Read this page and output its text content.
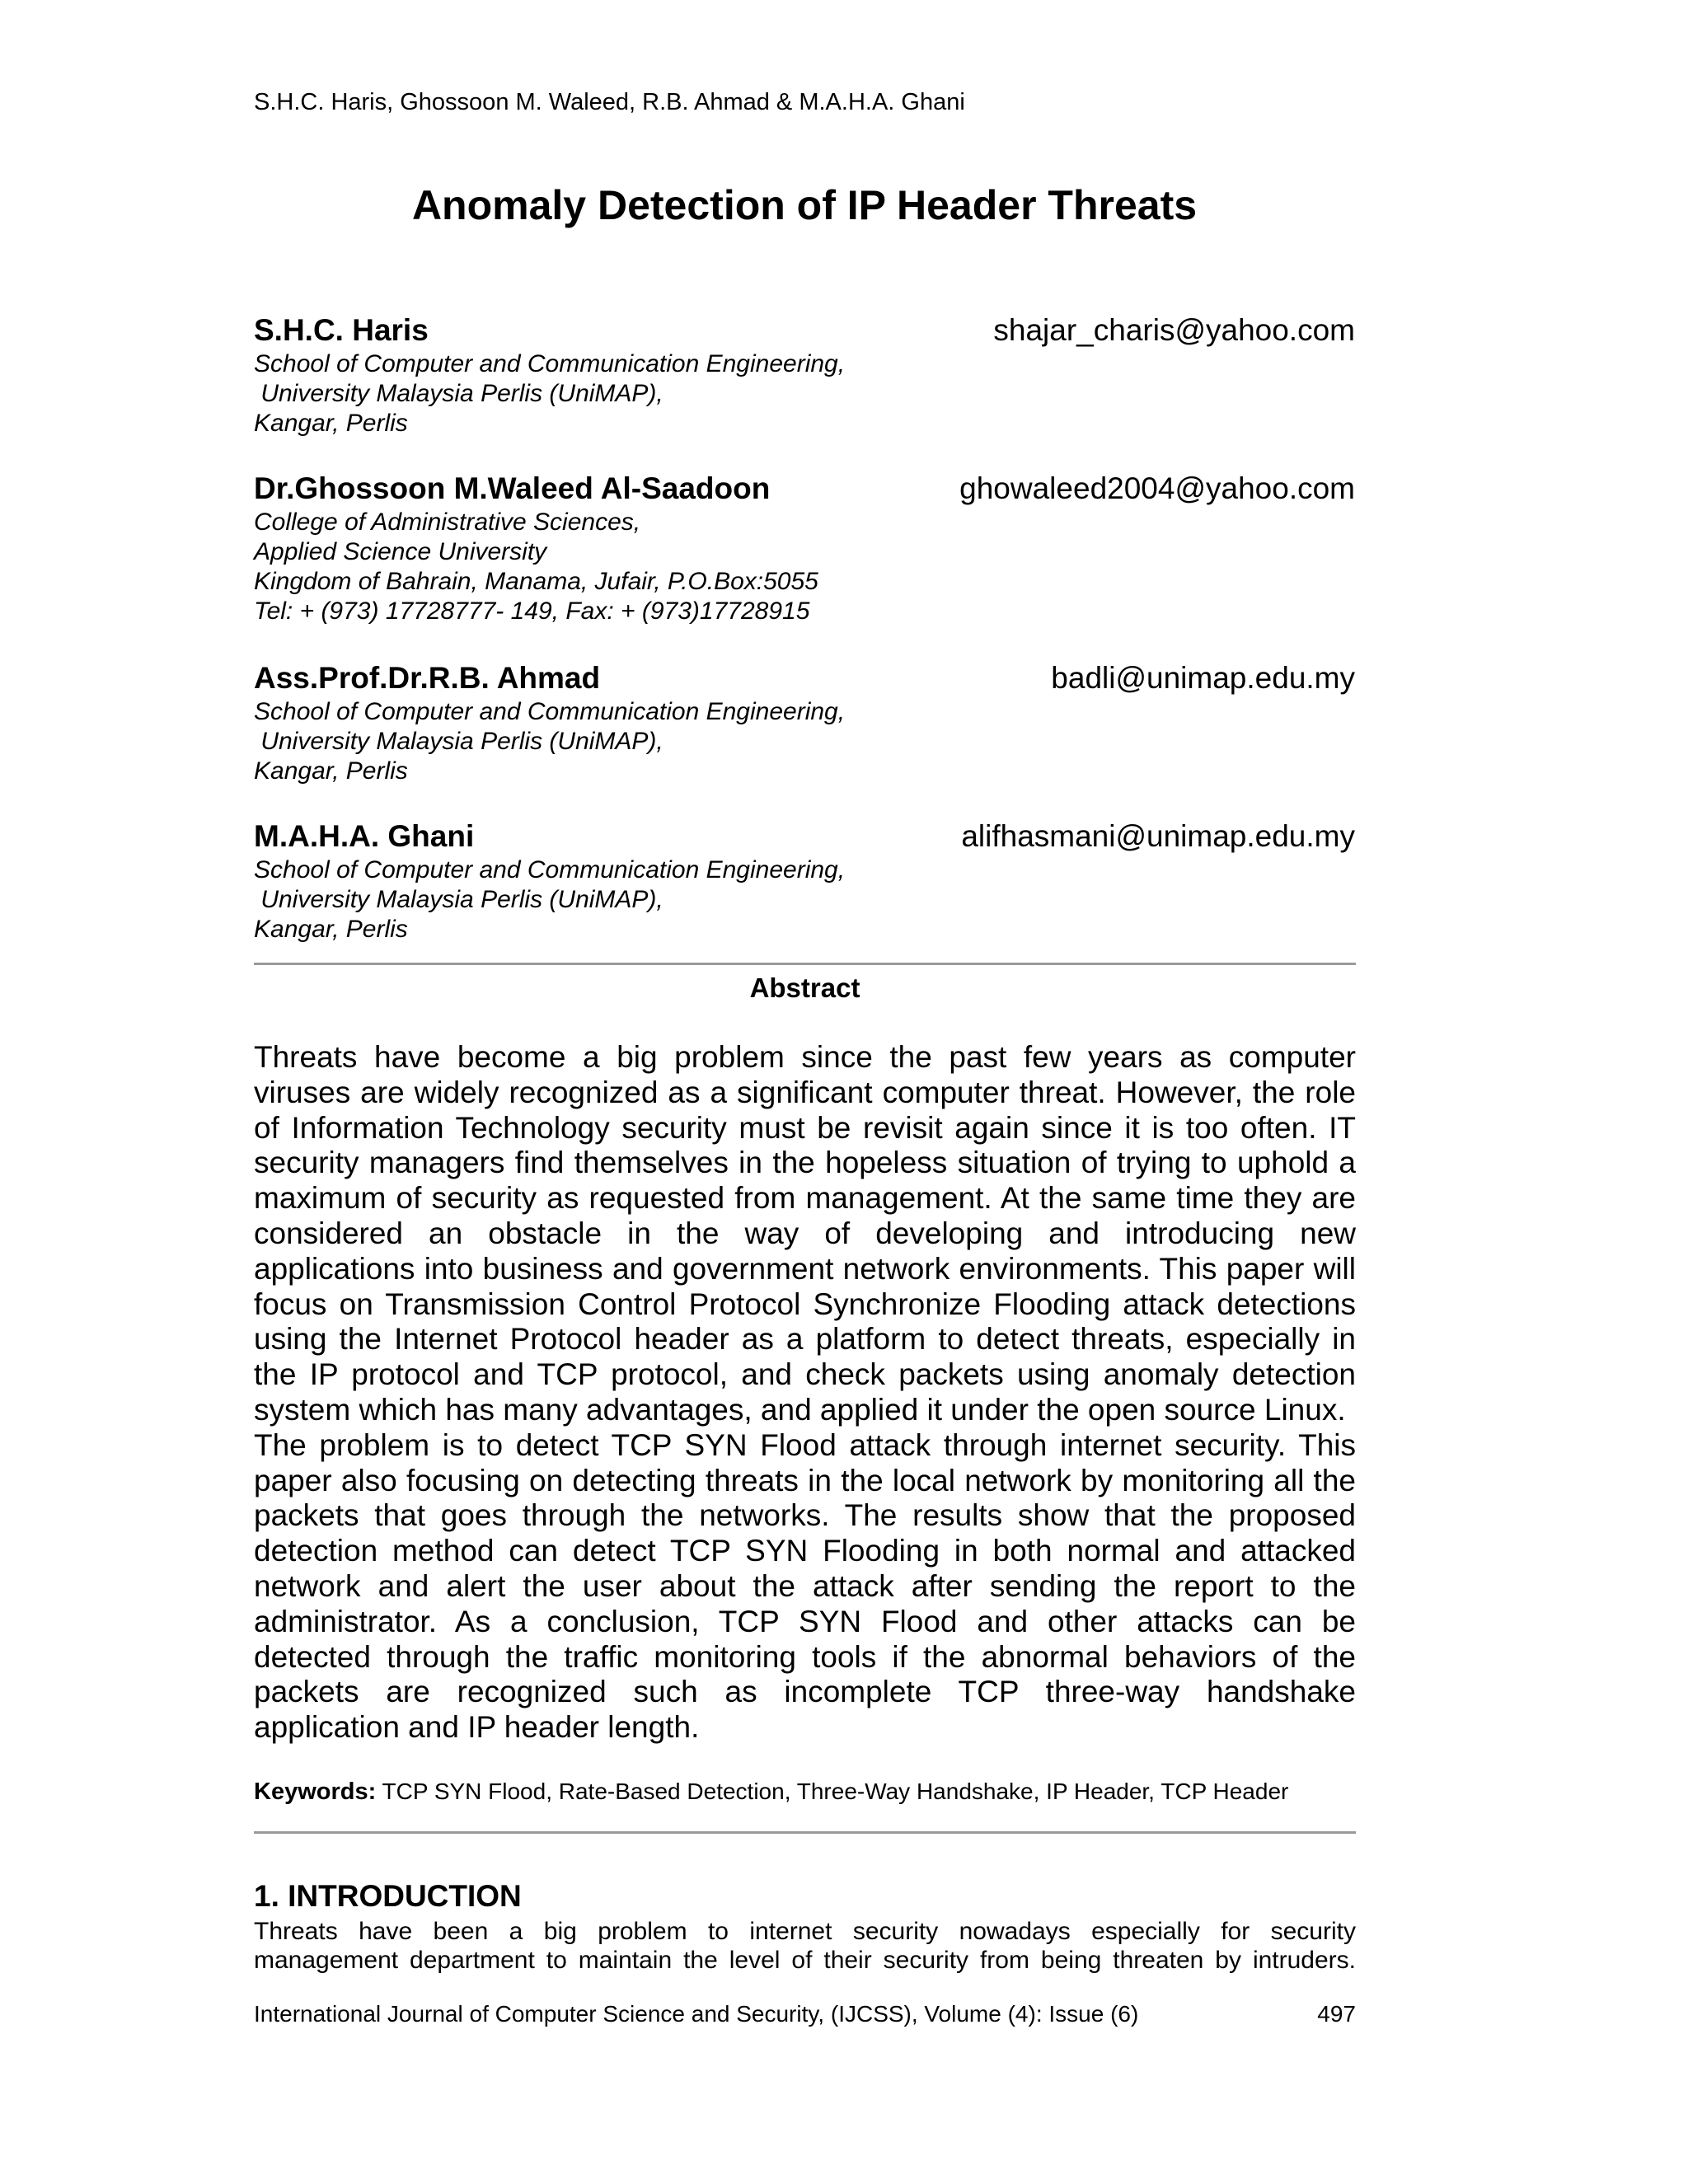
S.H.C. Haris, Ghossoon M. Waleed, R.B. Ahmad & M.A.H.A. Ghani
Anomaly Detection of IP Header Threats
S.H.C. Haris	shajar_charis@yahoo.com

School of Computer and Communication Engineering,

University Malaysia Perlis (UniMAP),

Kangar, Perlis

Dr.Ghossoon M.Waleed Al-Saadoon	ghowaleed2004@yahoo.com

College of Administrative Sciences,

Applied Science University

Kingdom of Bahrain, Manama, Jufair, P.O.Box:5055

Tel: + (973) 17728777- 149, Fax: + (973)17728915

Ass.Prof.Dr.R.B. Ahmad	badli@unimap.edu.my

School of Computer and Communication Engineering,

University Malaysia Perlis (UniMAP),

Kangar, Perlis

M.A.H.A. Ghani	alifhasmani@unimap.edu.my

School of Computer and Communication Engineering,

University Malaysia Perlis (UniMAP),

Kangar, Perlis

Abstract
Threats have become a big problem since the past few years as computer
viruses are widely recognized as a significant computer threat. However, the role
of Information Technology security must be revisit again since it is too often. IT
security managers find themselves in the hopeless situation of trying to uphold a
maximum of security as requested from management. At the same time they are
considered an obstacle in the way of developing and introducing new
applications into business and government network environments. This paper will
focus on Transmission Control Protocol Synchronize Flooding attack detections
using the Internet Protocol header as a platform to detect threats, especially in
the IP protocol and TCP protocol, and check packets using anomaly detection
system which has many advantages, and applied it under the open source Linux.
The problem is to detect TCP SYN Flood attack through internet security. This
paper also focusing on detecting threats in the local network by monitoring all the
packets that goes through the networks. The results show that the proposed
detection method can detect TCP SYN Flooding in both normal and attacked
network and alert the user about the attack after sending the report to the
administrator. As a conclusion, TCP SYN Flood and other attacks can be
detected through the traffic monitoring tools if the abnormal behaviors of the
packets are recognized such as incomplete TCP three-way handshake
application and IP header length.
Keywords: TCP SYN Flood, Rate-Based Detection, Three-Way Handshake, IP Header, TCP Header
1. INTRODUCTION
Threats have been a big problem to internet security nowadays especially for security
management department to maintain the level of their security from being threaten by intruders.
International Journal of Computer Science and Security, (IJCSS), Volume (4): Issue (6)	497
